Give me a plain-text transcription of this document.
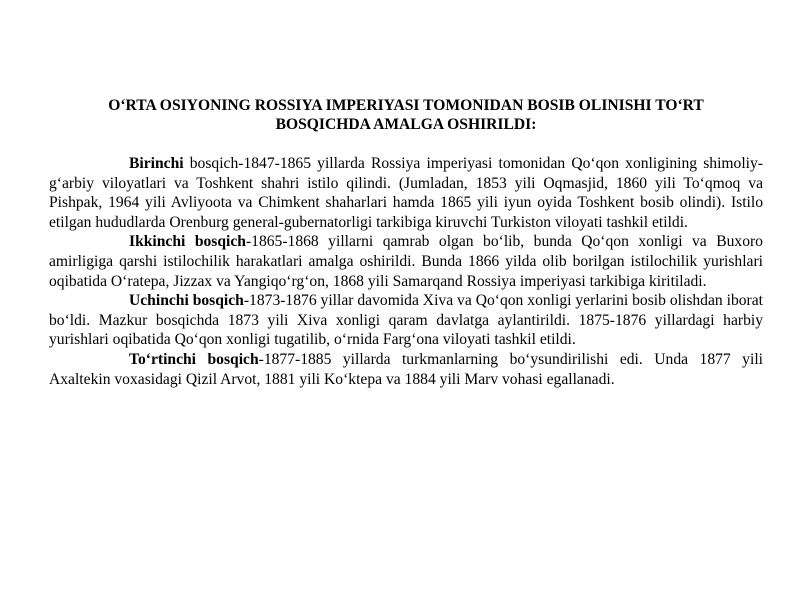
O‘RTA OSIYONING ROSSIYA IMPERIYASI TOMONIDAN BOSIB OLINISHI TO‘RT
BOSQICHDA AMALGA OSHIRILDI:

Birinchi bosqich-1847-1865 yillarda Rossiya imperiyasi tomonidan Qo‘qon xonligining shimoliy-g‘arbiy viloyatlari va Toshkent shahri istilo qilindi. (Jumladan, 1853 yili Oqmasjid, 1860 yili To‘qmoq va Pishpak, 1964 yili Avliyoota va Chimkent shaharlari hamda 1865 yili iyun oyida Toshkent bosib olindi). Istilo etilgan hududlarda Orenburg general-gubernatorligi tarkibiga kiruvchi Turkiston viloyati tashkil etildi.

Ikkinchi bosqich-1865-1868 yillarni qamrab olgan bo‘lib, bunda Qo‘qon xonligi va Buxoro amirligiga qarshi istilochilik harakatlari amalga oshirildi. Bunda 1866 yilda olib borilgan istilochilik yurishlari oqibatida O‘ratepa, Jizzax va Yangiqo‘rg‘on, 1868 yili Samarqand Rossiya imperiyasi tarkibiga kiritiladi.

Uchinchi bosqich-1873-1876 yillar davomida Xiva va Qo‘qon xonligi yerlarini bosib olishdan iborat bo‘ldi. Mazkur bosqichda 1873 yili Xiva xonligi qaram davlatga aylantirildi. 1875-1876 yillardagi harbiy yurishlari oqibatida Qo‘qon xonligi tugatilib, o‘rnida Farg‘ona viloyati tashkil etildi.

To‘rtinchi bosqich-1877-1885 yillarda turkmanlarning bo‘ysundirilishi edi. Unda 1877 yili Axaltekin voxasidagi Qizil Arvot, 1881 yili Ko‘ktepa va 1884 yili Marv vohasi egallanadi.
